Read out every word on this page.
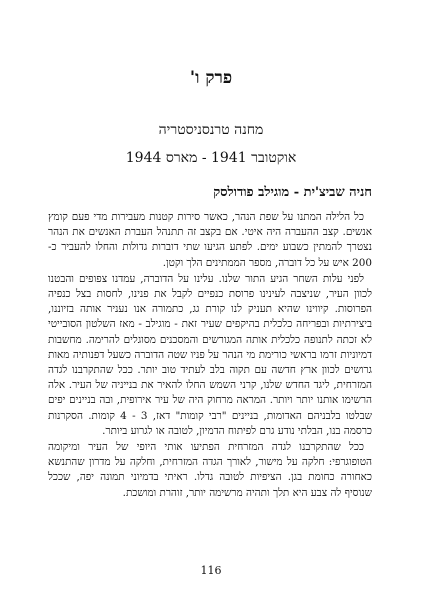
פרק ו'
מחנה טרנסניסטריה
אוקטובר 1941 - מארס 1944
חניה שביצ'ית - מוגילב פודולסק

כל הלילה המתנו על שפת הנהר, כאשר סירות קטנות מעבירות מדי פעם קומץ אנשים. קצב ההעברה היה איטי. אם בקצב זה תתנהל העברת האנשים את הנהר נצטרך להמתין כשבוע ימים. לפתע הגיעו שתי דוברות גדולות והחלו להעביר כ- 200 איש על כל דוברה, מספר הממתינים הלך וקטן.

לפני עלות השחר הגיע התור שלנו. עלינו על הדוברה, עמדנו צפופים והבטנו לכוון העיר, שניצבה לעינינו פרוסת כנפיים לקבל את פנינו, לחסות בצל כנפיה הפרוסות. קיווינו שהיא תעניק לנו קורת גג, כתמורה אנו נעניר אותה בזיוננו, ביצירתיות ובפריחה כלכלית בהיקפים שעיר זאת - מוגילב - מאז השלטון הסובייטי לא זכתה לתנופה כלכלית אותה המגורשים והמסכנים מסוגלים להרימה. מחשבות דמיוניות זרמו בראשי כורימת מי הנהר על פניו שטה הדוברה כשעל דפנותיה מאות גרושים לכוון ארץ חדשה עם תקוה בלב לעתיד טוב יותר. ככל שהתקרבנו לגדה המזרחית, ליגד החדש שלנו, קרני השמש החלו להאיר את בנייניה של העיר. אלה הרשימו אותנו יותר ויותר. המראה מרחוק היה של עיר אירופית, ובה בניינים יפים שבלטו בלבניהם האדומות, בניינים "רבי קומות" דאז, 3 - 4 קומות. הסקרנות כרסמה בנו, הבלתי נודע גרם לפיתוח הדמיון, לטובה או לגרוע ביותר.

ככל שהתקרבנו לגדה המזרחית הפתיעו אותי היופי של העיר ומיקומה הטופוגרפי: חלקה על מישור, לאורך הגדה המזרחית, וחלקה על מדרון שהתנשא כאחורה כחומת בגן. הציפיות לטובה גדלו. ראיתי בדמיוני תמונה יפה, שככל שנוסיף לה צבע היא תלך ותהיה מרשימה יותר, זוהרת ומושכת.

116
